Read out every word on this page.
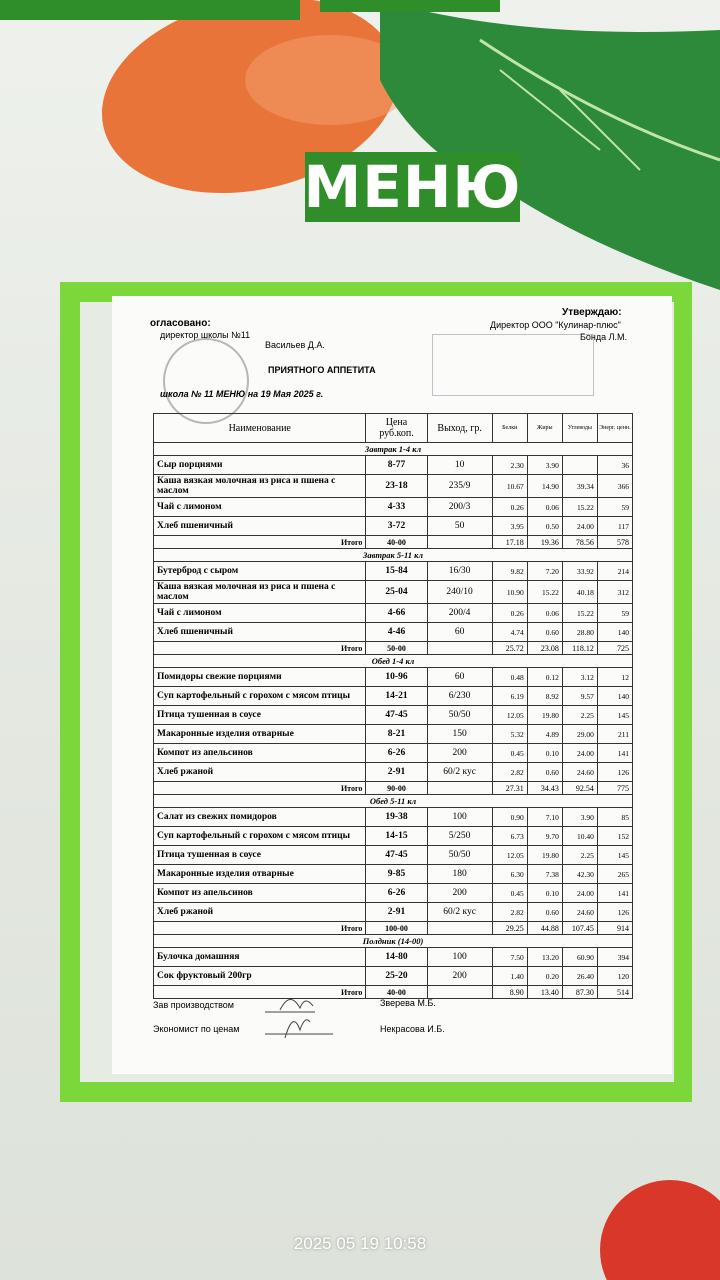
МЕНЮ
огласовано:
директор школы №11
Васильев Д.А.
Утверждаю:
Директор ООО "Кулинар-плюс"
Бонда Л.М.
ПРИЯТНОГО АППЕТИТА
школа № 11 МЕНЮ на 19 Мая 2025 г.
Наименование	Цена руб.коп.	Выход, гр.	Белки	Жиры	Углеводы	Энерг. ценн.
Завтрак 1-4 кл						
Сыр порциями	8-77	10	2.30	3.90		36
Каша вязкая молочная из риса и пшена с маслом	23-18	235/9	10.67	14.90	39.34	366
Чай с лимоном	4-33	200/3	0.26	0.06	15.22	59
Хлеб пшеничный	3-72	50	3.95	0.50	24.00	117
Итого	40-00		17.18	19.36	78.56	578
Завтрак 5-11 кл						
Бутерброд с сыром	15-84	16/30	9.82	7.20	33.92	214
Каша вязкая молочная из риса и пшена с маслом	25-04	240/10	10.90	15.22	40.18	312
Чай с лимоном	4-66	200/4	0.26	0.06	15.22	59
Хлеб пшеничный	4-46	60	4.74	0.60	28.80	140
Итого	50-00		25.72	23.08	118.12	725
Обед 1-4 кл						
Помидоры свежие порциями	10-96	60	0.48	0.12	3.12	12
Суп картофельный с горохом с мясом птицы	14-21	6/230	6.19	8.92	9.57	140
Птица тушенная в соусе	47-45	50/50	12.05	19.80	2.25	145
Макаронные изделия отварные	8-21	150	5.32	4.89	29.00	211
Компот из апельсинов	6-26	200	0.45	0.10	24.00	141
Хлеб ржаной	2-91	60/2 кус	2.82	0.60	24.60	126
Итого	90-00		27.31	34.43	92.54	775
Обед 5-11 кл						
Салат из свежих помидоров	19-38	100	0.90	7.10	3.90	85
Суп картофельный с горохом с мясом птицы	14-15	5/250	6.73	9.70	10.40	152
Птица тушенная в соусе	47-45	50/50	12.05	19.80	2.25	145
Макаронные изделия отварные	9-85	180	6.30	7.38	42.30	265
Компот из апельсинов	6-26	200	0.45	0.10	24.00	141
Хлеб ржаной	2-91	60/2 кус	2.82	0.60	24.60	126
Итого	100-00		29.25	44.88	107.45	914
Полдник (14-00)						
Булочка домашняя	14-80	100	7.50	13.20	60.90	394
Сок фруктовый 200гр	25-20	200	1.40	0.20	26.40	120
Итого	40-00		8.90	13.40	87.30	514
Зав производством	Зверева М.Б.
Экономист по ценам	Некрасова И.Б.
2025 05 19 10:58
